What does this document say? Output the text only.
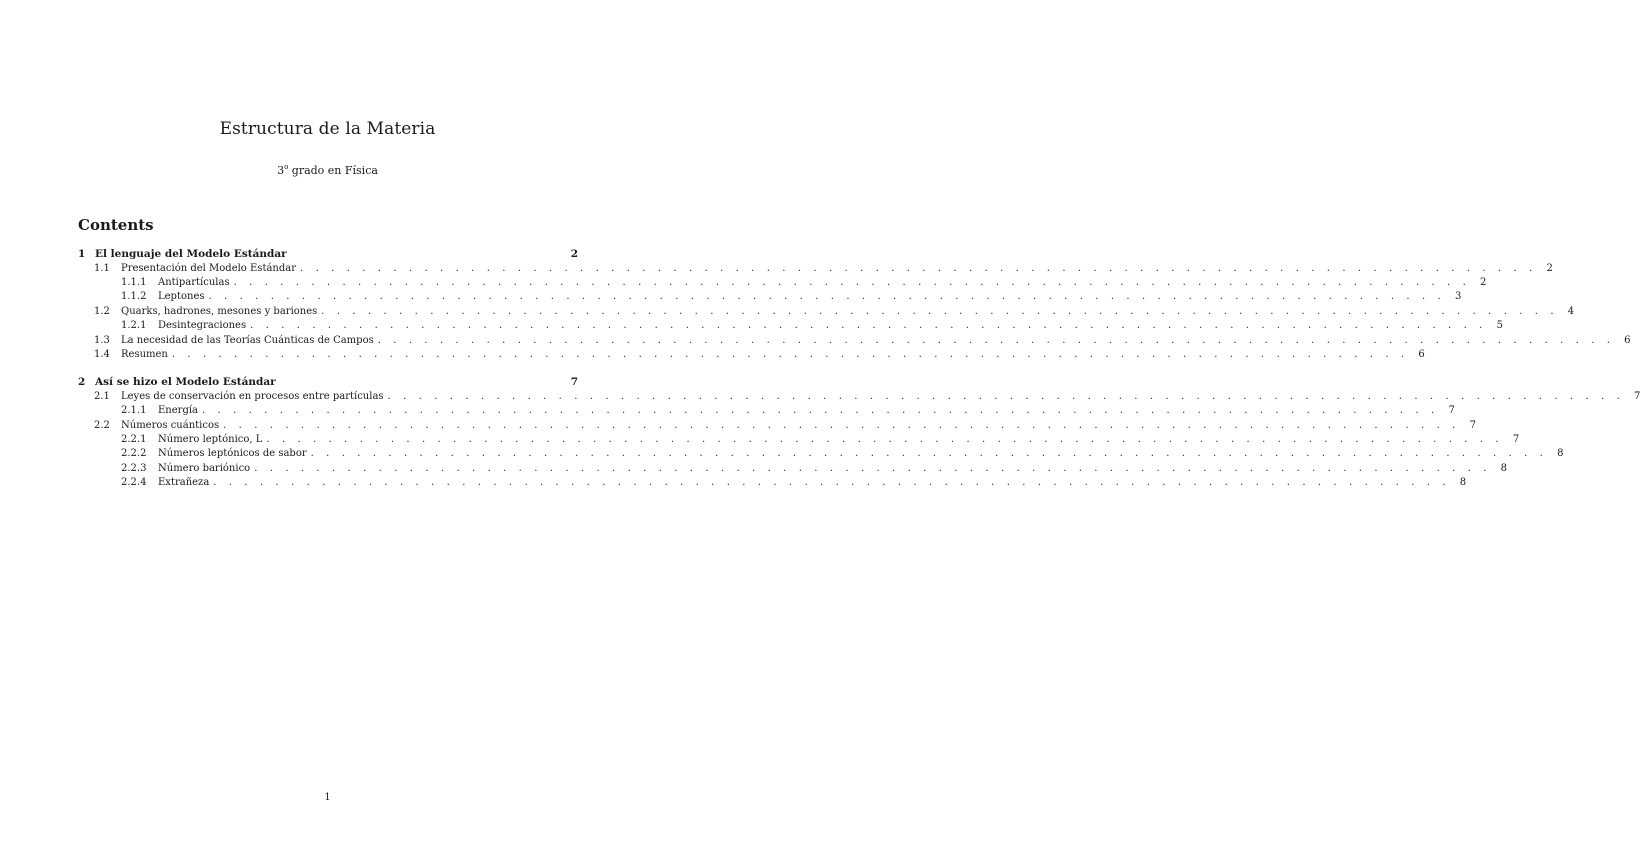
Estructura de la Materia
3$^o$ grado en Física
Contents
1 El lenguaje del Modelo Estándar	2
1.1	Presentación del Modelo Estándar . . . . . . . . . . . . . . . . . . . . . . . . . . . . . . . . . . . . . . . . . . . . . . . . . . . . . . . . . . . . . . . . . . . . . . . . . . . . . . . . 2
1.1.1	Antipartículas . . . . . . . . . . . . . . . . . . . . . . . . . . . . . . . . . . . . . . . . . . . . . . . . . . . . . . . . . . . . . . . . . . . . . . . . . . . . . . . . 2
1.1.2	Leptones . . . . . . . . . . . . . . . . . . . . . . . . . . . . . . . . . . . . . . . . . . . . . . . . . . . . . . . . . . . . . . . . . . . . . . . . . . . . . . . . 3
1.2	Quarks, hadrones, mesones y bariones . . . . . . . . . . . . . . . . . . . . . . . . . . . . . . . . . . . . . . . . . . . . . . . . . . . . . . . . . . . . . . . . . . . . . . . . . . . . . . . . 4
1.2.1	Desintegraciones . . . . . . . . . . . . . . . . . . . . . . . . . . . . . . . . . . . . . . . . . . . . . . . . . . . . . . . . . . . . . . . . . . . . . . . . . . . . . . . . 5
1.3	La necesidad de las Teorías Cuánticas de Campos . . . . . . . . . . . . . . . . . . . . . . . . . . . . . . . . . . . . . . . . . . . . . . . . . . . . . . . . . . . . . . . . . . . . . . . . . . . . . . . . 6
1.4	Resumen . . . . . . . . . . . . . . . . . . . . . . . . . . . . . . . . . . . . . . . . . . . . . . . . . . . . . . . . . . . . . . . . . . . . . . . . . . . . . . . . 6
2 Así se hizo el Modelo Estándar	7
2.1	Leyes de conservación en procesos entre partículas . . . . . . . . . . . . . . . . . . . . . . . . . . . . . . . . . . . . . . . . . . . . . . . . . . . . . . . . . . . . . . . . . . . . . . . . . . . . . . . . 7
2.1.1	Energía . . . . . . . . . . . . . . . . . . . . . . . . . . . . . . . . . . . . . . . . . . . . . . . . . . . . . . . . . . . . . . . . . . . . . . . . . . . . . . . . 7
2.2	Números cuánticos . . . . . . . . . . . . . . . . . . . . . . . . . . . . . . . . . . . . . . . . . . . . . . . . . . . . . . . . . . . . . . . . . . . . . . . . . . . . . . . . 7
2.2.1	Número leptónico, L . . . . . . . . . . . . . . . . . . . . . . . . . . . . . . . . . . . . . . . . . . . . . . . . . . . . . . . . . . . . . . . . . . . . . . . . . . . . . . . . 7
2.2.2	Números leptónicos de sabor . . . . . . . . . . . . . . . . . . . . . . . . . . . . . . . . . . . . . . . . . . . . . . . . . . . . . . . . . . . . . . . . . . . . . . . . . . . . . . . . 8
2.2.3	Número bariónico . . . . . . . . . . . . . . . . . . . . . . . . . . . . . . . . . . . . . . . . . . . . . . . . . . . . . . . . . . . . . . . . . . . . . . . . . . . . . . . . 8
2.2.4	Extrañeza . . . . . . . . . . . . . . . . . . . . . . . . . . . . . . . . . . . . . . . . . . . . . . . . . . . . . . . . . . . . . . . . . . . . . . . . . . . . . . . . 8
1
